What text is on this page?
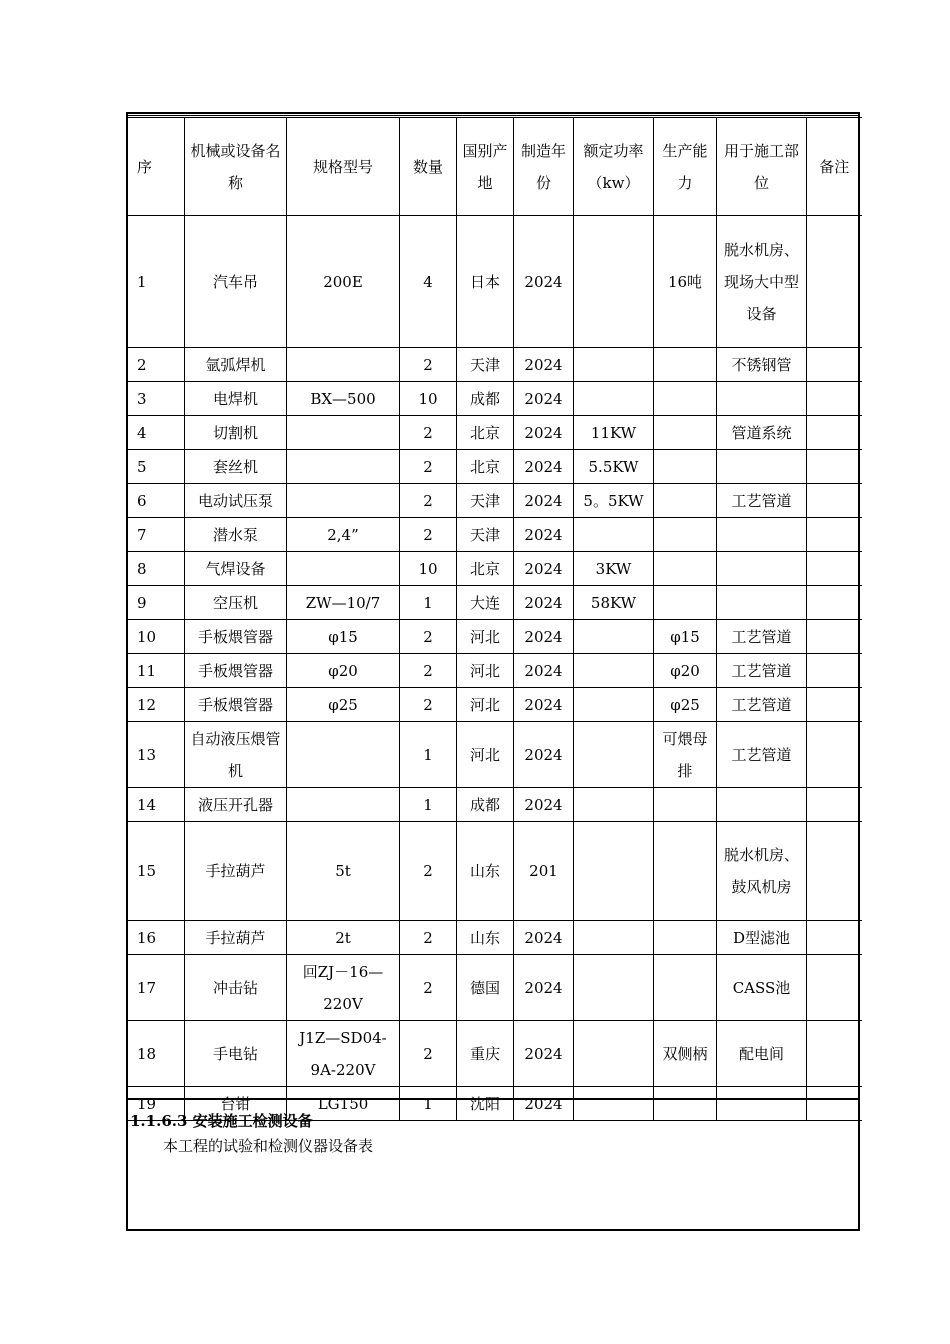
序	机械或设备名称	规格型号	数量	国别产地	制造年份	额定功率（kw）	生产能力	用于施工部位	备注
1	汽车吊	200E	4	日本	2024		16吨	脱水机房、现场大中型设备	
2	氩弧焊机		2	天津	2024			不锈钢管	
3	电焊机	BX—500	10	成都	2024				
4	切割机		2	北京	2024	11KW		管道系统	
5	套丝机		2	北京	2024	5.5KW			
6	电动试压泵		2	天津	2024	5。5KW		工艺管道	
7	潜水泵	2,4”	2	天津	2024				
8	气焊设备		10	北京	2024	3KW			
9	空压机	ZW—10/7	1	大连	2024	58KW			
10	手板煨管器	φ15	2	河北	2024		φ15	工艺管道	
11	手板煨管器	φ20	2	河北	2024		φ20	工艺管道	
12	手板煨管器	φ25	2	河北	2024		φ25	工艺管道	
13	自动液压煨管机		1	河北	2024		可煨母排	工艺管道	
14	液压开孔器		1	成都	2024				
15	手拉葫芦	5t	2	山东	201			脱水机房、鼓风机房	
16	手拉葫芦	2t	2	山东	2024			D型滤池	
17	冲击钻	回ZJ－16—220V	2	德国	2024			CASS池	
18	手电钻	J1Z—SD04-9A-220V	2	重庆	2024		双侧柄	配电间	
19	台钳	LG150	1	沈阳	2024				
1.1.6.3 安装施工检测设备
本工程的试验和检测仪器设备表
